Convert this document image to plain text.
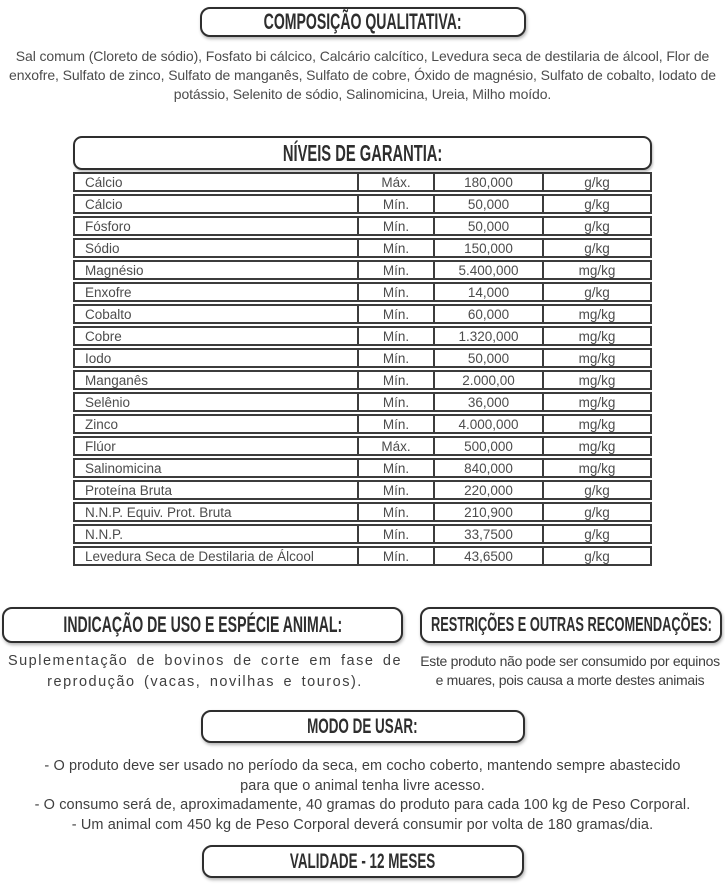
COMPOSIÇÃO QUALITATIVA:

Sal comum (Cloreto de sódio), Fosfato bi cálcico, Calcário calcítico, Levedura seca de destilaria de álcool, Flor de enxofre, Sulfato de zinco, Sulfato de manganês, Sulfato de cobre, Óxido de magnésio, Sulfato de cobalto, Iodato de potássio, Selenito de sódio, Salinomicina, Ureia, Milho moído.

NÍVEIS DE GARANTIA:
Cálcio	Máx.	180,000	g/kg
Cálcio	Mín.	50,000	g/kg
Fósforo	Mín.	50,000	g/kg
Sódio	Mín.	150,000	g/kg
Magnésio	Mín.	5.400,000	mg/kg
Enxofre	Mín.	14,000	g/kg
Cobalto	Mín.	60,000	mg/kg
Cobre	Mín.	1.320,000	mg/kg
Iodo	Mín.	50,000	mg/kg
Manganês	Mín.	2.000,00	mg/kg
Selênio	Mín.	36,000	mg/kg
Zinco	Mín.	4.000,000	mg/kg
Flúor	Máx.	500,000	mg/kg
Salinomicina	Mín.	840,000	mg/kg
Proteína Bruta	Mín.	220,000	g/kg
N.N.P. Equiv. Prot. Bruta	Mín.	210,900	g/kg
N.N.P.	Mín.	33,7500	g/kg
Levedura Seca de Destilaria de Álcool	Mín.	43,6500	g/kg
INDICAÇÃO DE USO E ESPÉCIE ANIMAL:

Suplementação de bovinos de corte em fase de reprodução (vacas, novilhas e touros).

RESTRIÇÕES E OUTRAS RECOMENDAÇÕES:

Este produto não pode ser consumido por equinos e muares, pois causa a morte destes animais

MODO DE USAR:
- O produto deve ser usado no período da seca, em cocho coberto, mantendo sempre abastecido
para que o animal tenha livre acesso.
- O consumo será de, aproximadamente, 40 gramas do produto para cada 100 kg de Peso Corporal.
- Um animal com 450 kg de Peso Corporal deverá consumir por volta de 180 gramas/dia.
VALIDADE - 12 MESES
